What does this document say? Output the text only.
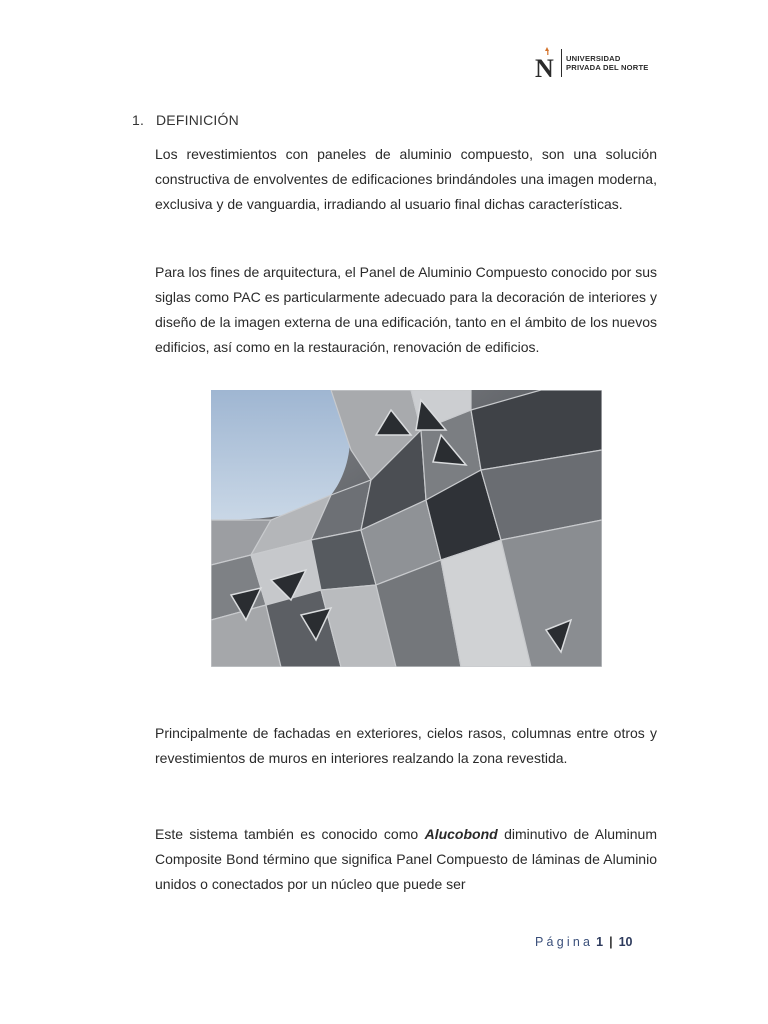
N UNIVERSIDAD
PRIVADA DEL NORTE
1. DEFINICIÓN

Los revestimientos con paneles de aluminio compuesto, son una solución constructiva de envolventes de edificaciones brindándoles una imagen moderna, exclusiva y de vanguardia, irradiando al usuario final dichas características.

Para los fines de arquitectura, el Panel de Aluminio Compuesto conocido por sus siglas como PAC es particularmente adecuado para la decoración de interiores y diseño de la imagen externa de una edificación, tanto en el ámbito de los nuevos edificios, así como en la restauración, renovación de edificios.

Principalmente de fachadas en exteriores, cielos rasos, columnas entre otros y revestimientos de muros en interiores realzando la zona revestida.

Este sistema también es conocido como Alucobond diminutivo de Aluminum Composite Bond término que significa Panel Compuesto de láminas de Aluminio unidos o conectados por un núcleo que puede ser

Página 1 | 10
